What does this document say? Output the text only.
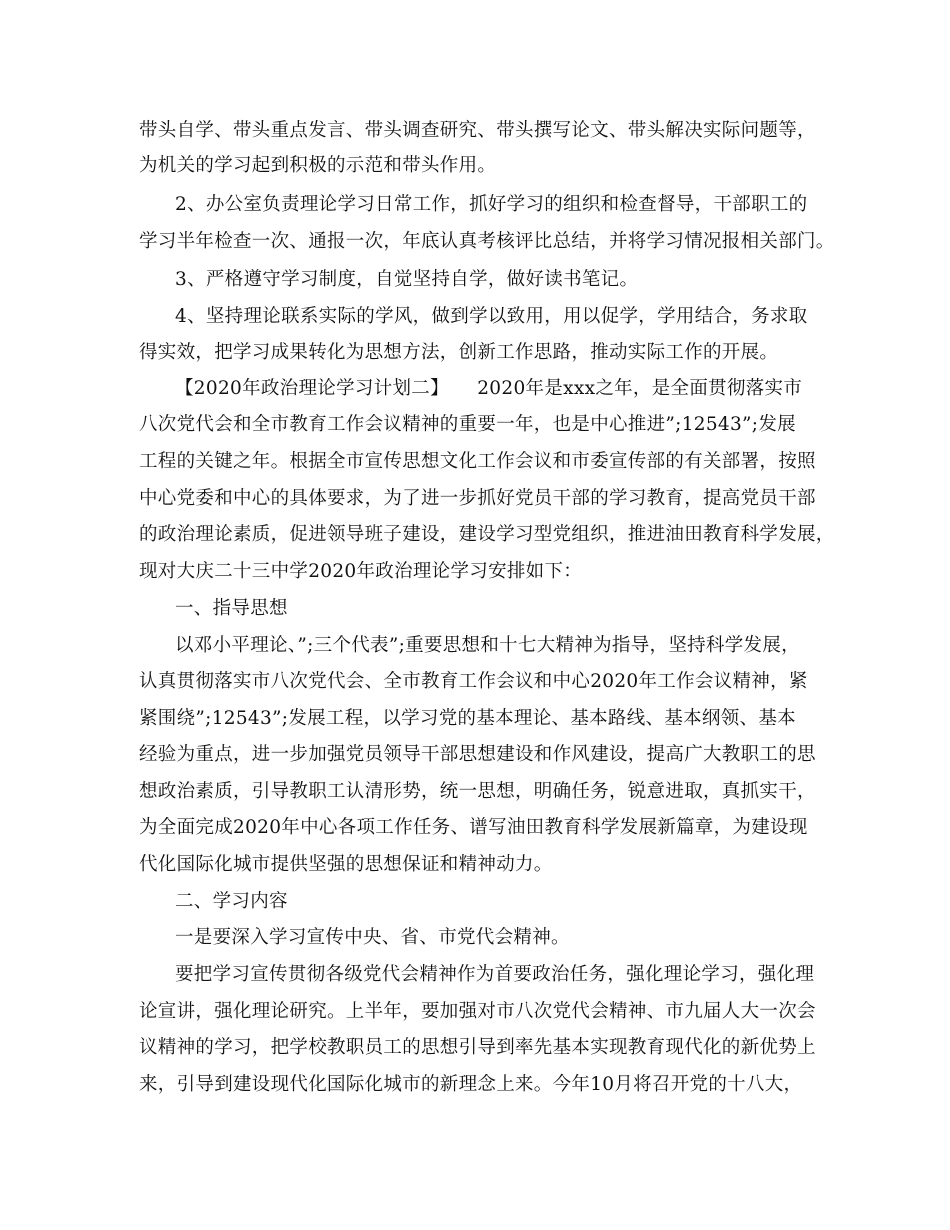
带头自学、带头重点发言、带头调查研究、带头撰写论文、带头解决实际问题等，
为机关的学习起到积极的示范和带头作用。
2、办公室负责理论学习日常工作，抓好学习的组织和检查督导，干部职工的
学习半年检查一次、通报一次，年底认真考核评比总结，并将学习情况报相关部门。
3、严格遵守学习制度，自觉坚持自学，做好读书笔记。
4、坚持理论联系实际的学风，做到学以致用，用以促学，学用结合，务求取
得实效，把学习成果转化为思想方法，创新工作思路，推动实际工作的开展。
【2020年政治理论学习计划二】　　2020年是xxx之年，是全面贯彻落实市
八次党代会和全市教育工作会议精神的重要一年，也是中心推进”;12543”;发展
工程的关键之年。根据全市宣传思想文化工作会议和市委宣传部的有关部署，按照
中心党委和中心的具体要求，为了进一步抓好党员干部的学习教育，提高党员干部
的政治理论素质，促进领导班子建设，建设学习型党组织，推进油田教育科学发展，
现对大庆二十三中学2020年政治理论学习安排如下：
一、指导思想
以邓小平理论、”;三个代表”;重要思想和十七大精神为指导，坚持科学发展，
认真贯彻落实市八次党代会、全市教育工作会议和中心2020年工作会议精神，紧
紧围绕”;12543”;发展工程，以学习党的基本理论、基本路线、基本纲领、基本
经验为重点，进一步加强党员领导干部思想建设和作风建设，提高广大教职工的思
想政治素质，引导教职工认清形势，统一思想，明确任务，锐意进取，真抓实干，
为全面完成2020年中心各项工作任务、谱写油田教育科学发展新篇章，为建设现
代化国际化城市提供坚强的思想保证和精神动力。
二、学习内容
一是要深入学习宣传中央、省、市党代会精神。
要把学习宣传贯彻各级党代会精神作为首要政治任务，强化理论学习，强化理
论宣讲，强化理论研究。上半年，要加强对市八次党代会精神、市九届人大一次会
议精神的学习，把学校教职员工的思想引导到率先基本实现教育现代化的新优势上
来，引导到建设现代化国际化城市的新理念上来。今年10月将召开党的十八大，
